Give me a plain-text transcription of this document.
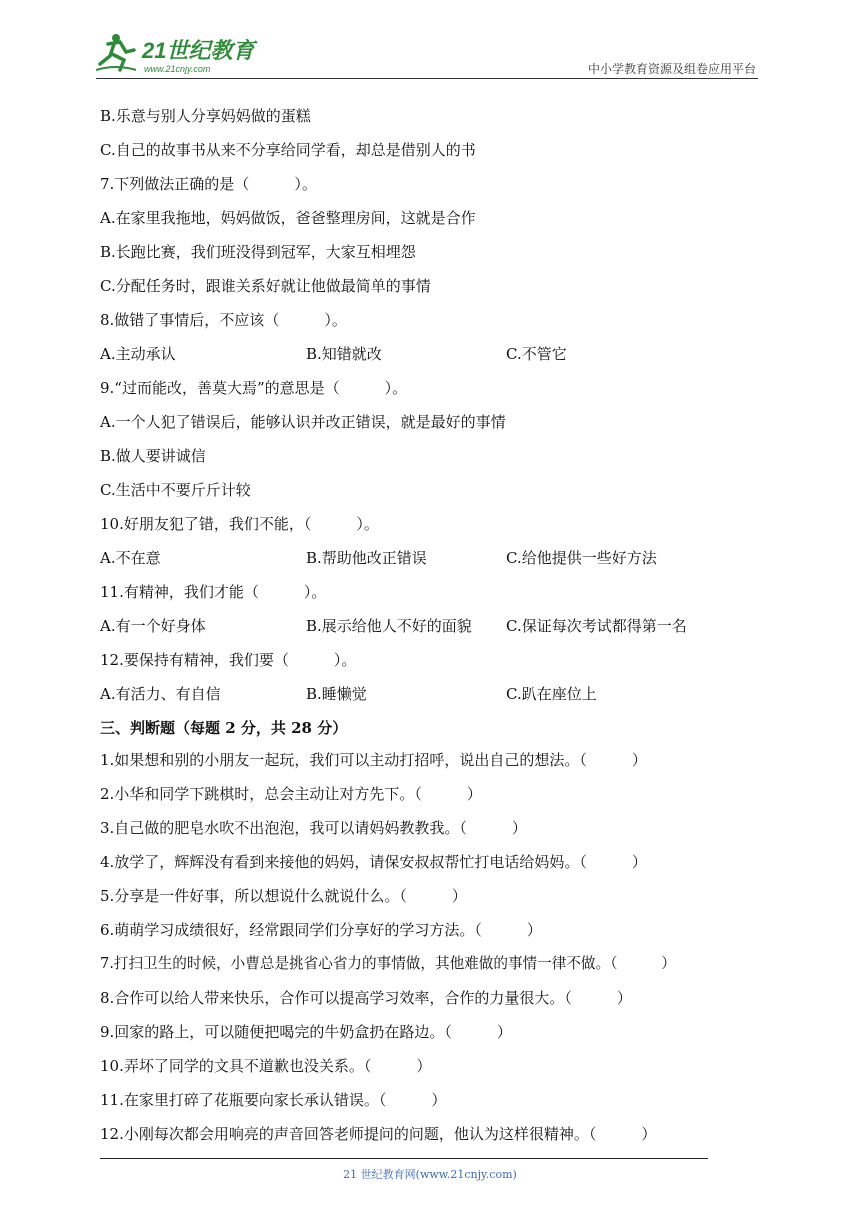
21世纪教育
www.21cnjy.com	中小学教育资源及组卷应用平台
B.乐意与别人分享妈妈做的蛋糕
C.自己的故事书从来不分享给同学看，却总是借别人的书
7.下列做法正确的是（　　　）。
A.在家里我拖地，妈妈做饭，爸爸整理房间，这就是合作
B.长跑比赛，我们班没得到冠军，大家互相埋怨
C.分配任务时，跟谁关系好就让他做最简单的事情
8.做错了事情后，不应该（　　　）。
A.主动承认	B.知错就改	C.不管它
9.“过而能改，善莫大焉”的意思是（　　　）。
A.一个人犯了错误后，能够认识并改正错误，就是最好的事情
B.做人要讲诚信
C.生活中不要斤斤计较
10.好朋友犯了错，我们不能，（　　　）。
A.不在意	B.帮助他改正错误	C.给他提供一些好方法
11.有精神，我们才能（　　　）。
A.有一个好身体	B.展示给他人不好的面貌 C.保证每次考试都得第一名
12.要保持有精神，我们要（　　　）。
A.有活力、有自信	B.睡懒觉	C.趴在座位上
三、判断题（每题 2 分，共 28 分）
1.如果想和别的小朋友一起玩，我们可以主动打招呼，说出自己的想法。（　　　）
2.小华和同学下跳棋时，总会主动让对方先下。（　　　）
3.自己做的肥皂水吹不出泡泡，我可以请妈妈教教我。（　　　）
4.放学了，辉辉没有看到来接他的妈妈，请保安叔叔帮忙打电话给妈妈。（　　　）
5.分享是一件好事，所以想说什么就说什么。（　　　）
6.萌萌学习成绩很好，经常跟同学们分享好的学习方法。（　　　）
7.打扫卫生的时候，小曹总是挑省心省力的事情做，其他难做的事情一律不做。（　　　）
8.合作可以给人带来快乐，合作可以提高学习效率，合作的力量很大。（　　　）
9.回家的路上，可以随便把喝完的牛奶盒扔在路边。（　　　）
10.弄坏了同学的文具不道歉也没关系。（　　　）
11.在家里打碎了花瓶要向家长承认错误。（　　　）
12.小刚每次都会用响亮的声音回答老师提问的问题，他认为这样很精神。（　　　）
21 世纪教育网(www.21cnjy.com)
